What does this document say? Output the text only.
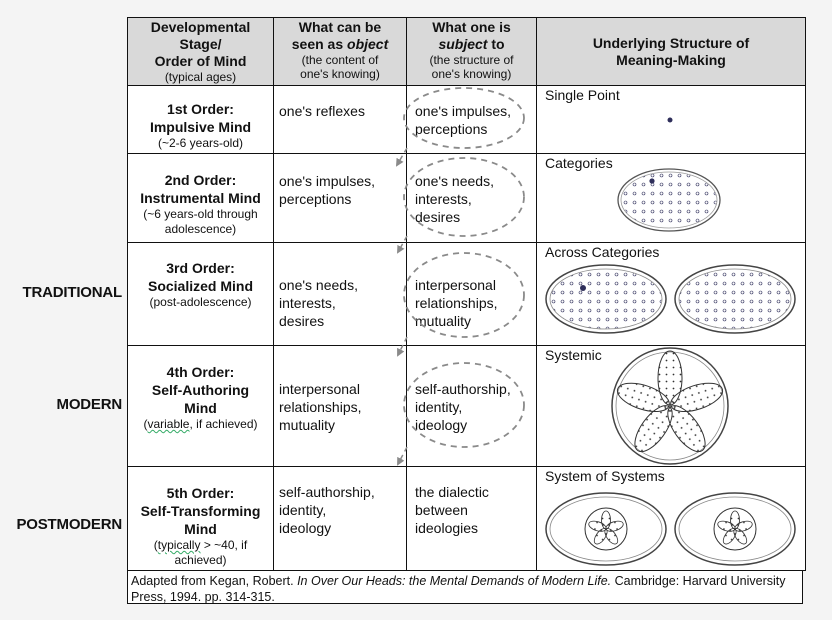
TRADITIONAL
MODERN
POSTMODERN
Developmental
Stage/
Order of Mind
(typical ages)	What can be
seen as object
(the content of
one's knowing)	What one is
subject to
(the structure of
one's knowing)	Underlying Structure of
Meaning-Making

1st Order:
Impulsive Mind
(~2-6 years-old)	one's reflexes	one's impulses,
perceptions	Single Point

2nd Order:
Instrumental Mind
(~6 years-old through
adolescence)	one's impulses,
perceptions	one's needs,
interests,
desires	Categories

3rd Order:
Socialized Mind
(post-adolescence)	one's needs,
interests,
desires	interpersonal
relationships,
mutuality	Across Categories

4th Order:
Self-Authoring
Mind
(variable, if achieved)	interpersonal
relationships,
mutuality	self-authorship,
identity,
ideology	Systemic

5th Order:
Self-Transforming
Mind
(typically > ~40, if
achieved)	self-authorship,
identity,
ideology	the dialectic
between
ideologies	System of Systems
Adapted from Kegan, Robert. In Over Our Heads: the Mental Demands of Modern Life. Cambridge: Harvard University Press, 1994. pp. 314-315.
